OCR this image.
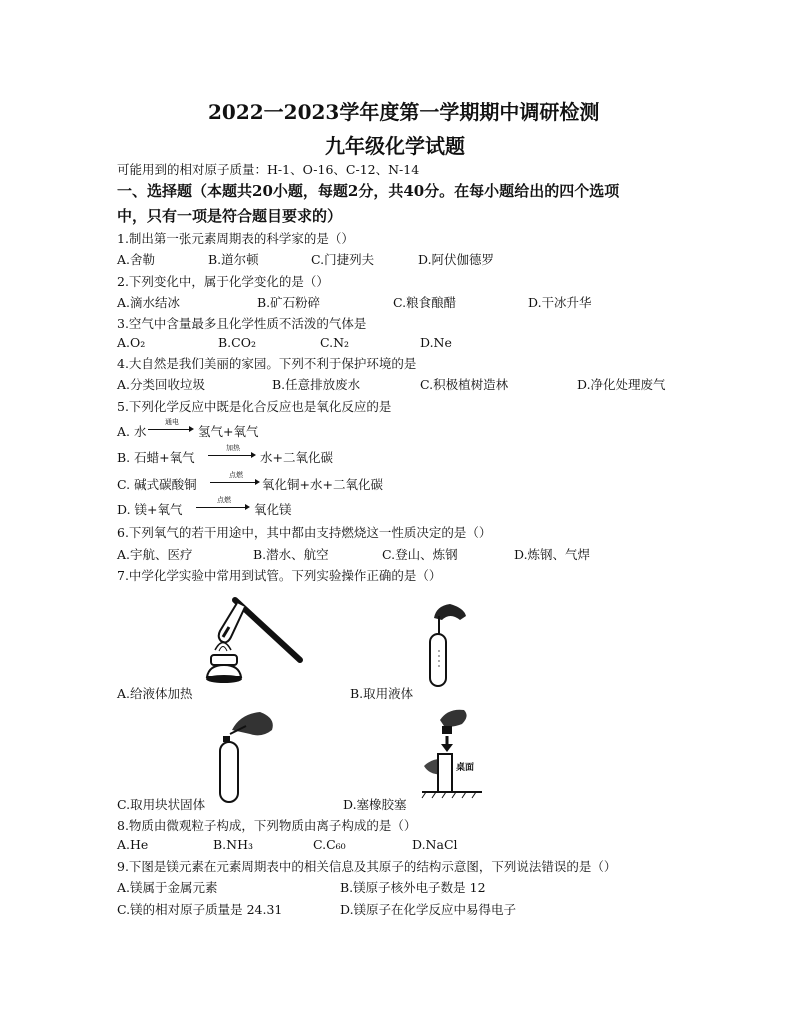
2022一2023学年度第一学期期中调研检测
九年级化学试题
可能用到的相对原子质量：H-1、O-16、C-12、N-14
一、选择题（本题共20小题，每题2分，共40分。在每小题给出的四个选项
中，只有一项是符合题目要求的）
1.制出第一张元素周期表的科学家的是（）
A.舍勒	B.道尔顿	C.门捷列夫	D.阿伏伽德罗
2.下列变化中，属于化学变化的是（）
A.滴水结冰	B.矿石粉碎	C.粮食酿醋	D.干冰升华
3.空气中含量最多且化学性质不活泼的气体是
A.O₂	B.CO₂	C.N₂	D.Ne
4.大自然是我们美丽的家园。下列不利于保护环境的是
A.分类回收垃圾	B.任意排放废水	C.积极植树造林	D.净化处理废气
5.下列化学反应中既是化合反应也是氧化反应的是
A. 水
通电
氢气+氧气
B. 石蜡+氧气
加热
水+二氧化碳
C. 碱式碳酸铜
点燃
氧化铜+水+二氧化碳
D. 镁+氧气
点燃
氧化镁
6.下列氧气的若干用途中，其中都由支持燃烧这一性质决定的是（）
A.宇航、医疗	B.潜水、航空	C.登山、炼钢	D.炼钢、气焊
7.中学化学实验中常用到试管。下列实验操作正确的是（）
A.给液体加热	B.取用液体
C.取用块状固体
桌面
D.塞橡胶塞
8.物质由微观粒子构成，下列物质由离子构成的是（）
A.He	B.NH₃	C.C₆₀	D.NaCl
9.下图是镁元素在元素周期表中的相关信息及其原子的结构示意图，下列说法错误的是（）
A.镁属于金属元素	B.镁原子核外电子数是 12
C.镁的相对原子质量是 24.31	D.镁原子在化学反应中易得电子
